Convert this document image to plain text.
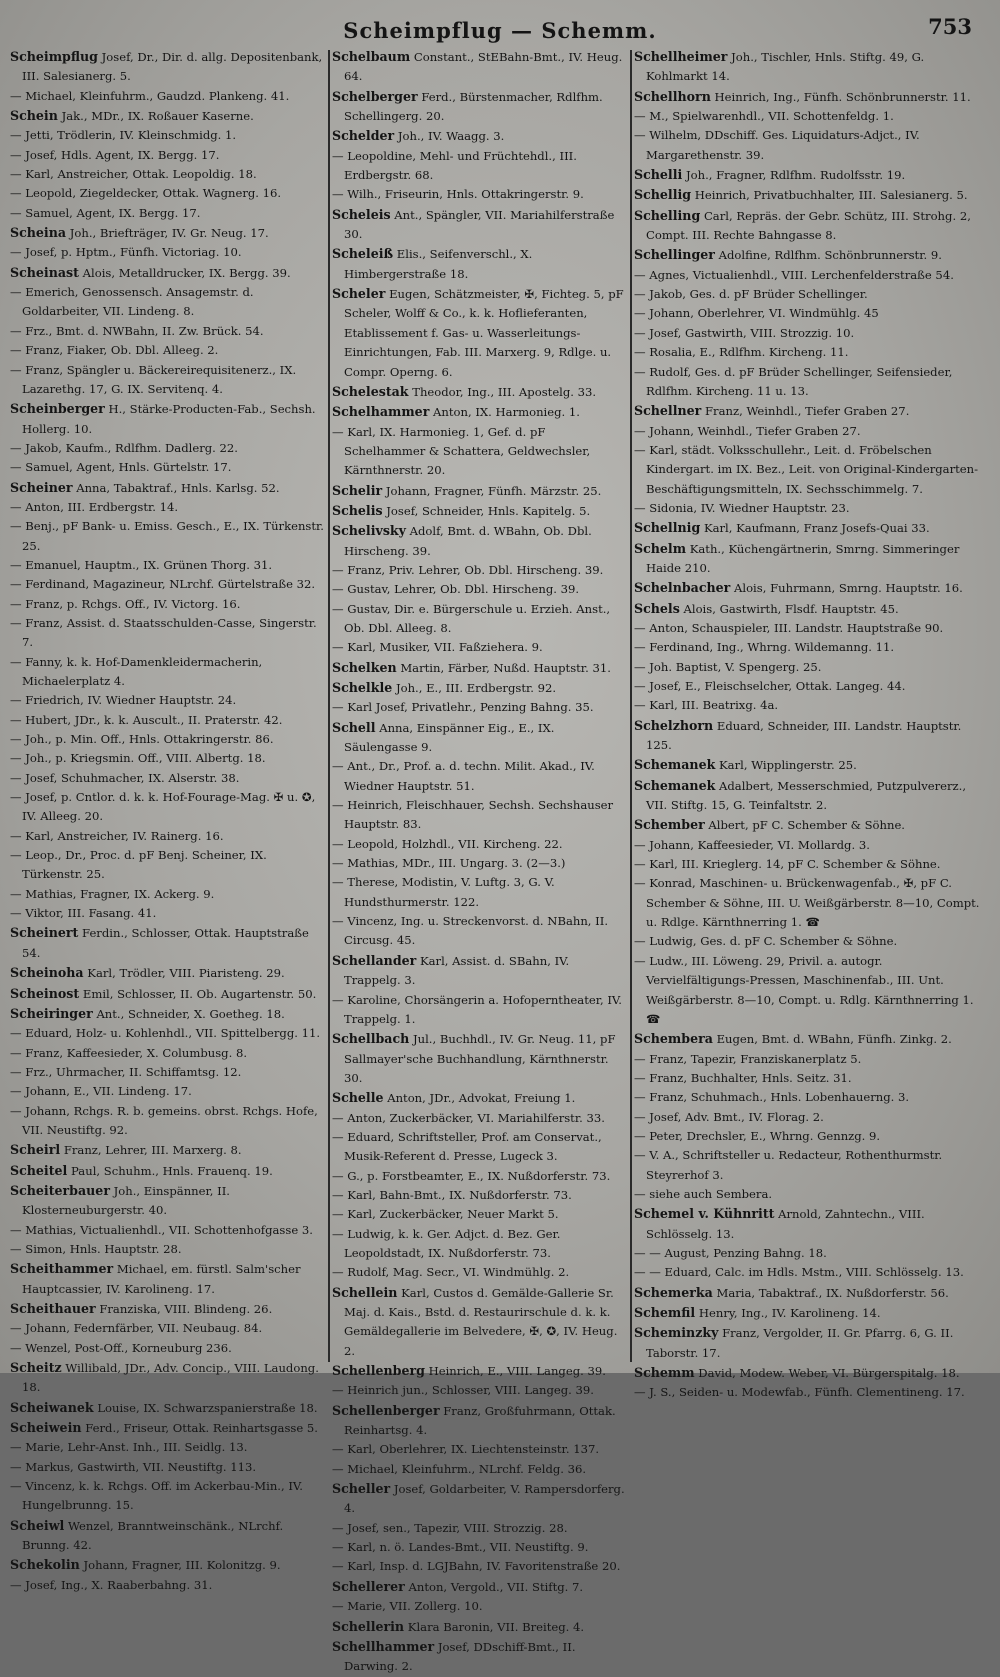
Scheimpflug — Schemm.	753

Scheimpflug Josef, Dr., Dir. d. allg. Depositenbank, III. Salesianerg. 5.

— Michael, Kleinfuhrm., Gaudzd. Plankeng. 41.

Schein Jak., MDr., IX. Roßauer Kaserne.

— Jetti, Trödlerin, IV. Kleinschmidg. 1.

— Josef, Hdls. Agent, IX. Bergg. 17.

— Karl, Anstreicher, Ottak. Leopoldig. 18.

— Leopold, Ziegeldecker, Ottak. Wagnerg. 16.

— Samuel, Agent, IX. Bergg. 17.

Scheina Joh., Briefträger, IV. Gr. Neug. 17.

— Josef, p. Hptm., Fünfh. Victoriag. 10.

Scheinast Alois, Metalldrucker, IX. Bergg. 39.

— Emerich, Genossensch. Ansagemstr. d. Goldarbeiter, VII. Lindeng. 8.

— Frz., Bmt. d. NWBahn, II. Zw. Brück. 54.

— Franz, Fiaker, Ob. Dbl. Alleeg. 2.

— Franz, Spängler u. Bäckereirequisitenerz., IX. Lazarethg. 17, G. IX. Servitenq. 4.

Scheinberger H., Stärke-Producten-Fab., Sechsh. Hollerg. 10.

— Jakob, Kaufm., Rdlfhm. Dadlerg. 22.

— Samuel, Agent, Hnls. Gürtelstr. 17.

Scheiner Anna, Tabaktraf., Hnls. Karlsg. 52.

— Anton, III. Erdbergstr. 14.

— Benj., pF Bank- u. Emiss. Gesch., E., IX. Türkenstr. 25.

— Emanuel, Hauptm., IX. Grünen Thorg. 31.

— Ferdinand, Magazineur, NLrchf. Gürtelstraße 32.

— Franz, p. Rchgs. Off., IV. Victorg. 16.

— Franz, Assist. d. Staatsschulden-Casse, Singerstr. 7.

— Fanny, k. k. Hof-Damenkleidermacherin, Michaelerplatz 4.

— Friedrich, IV. Wiedner Hauptstr. 24.

— Hubert, JDr., k. k. Auscult., II. Praterstr. 42.

— Joh., p. Min. Off., Hnls. Ottakringerstr. 86.

— Joh., p. Kriegsmin. Off., VIII. Albertg. 18.

— Josef, Schuhmacher, IX. Alserstr. 38.

— Josef, p. Cntlor. d. k. k. Hof-Fourage-Mag. ✠ u. ✪, IV. Alleeg. 20.

— Karl, Anstreicher, IV. Rainerg. 16.

— Leop., Dr., Proc. d. pF Benj. Scheiner, IX. Türkenstr. 25.

— Mathias, Fragner, IX. Ackerg. 9.

— Viktor, III. Fasang. 41.

Scheinert Ferdin., Schlosser, Ottak. Hauptstraße 54.

Scheinoha Karl, Trödler, VIII. Piaristeng. 29.

Scheinost Emil, Schlosser, II. Ob. Augartenstr. 50.

Scheiringer Ant., Schneider, X. Goetheg. 18.

— Eduard, Holz- u. Kohlenhdl., VII. Spittelbergg. 11.

— Franz, Kaffeesieder, X. Columbusg. 8.

— Frz., Uhrmacher, II. Schiffamtsg. 12.

— Johann, E., VII. Lindeng. 17.

— Johann, Rchgs. R. b. gemeins. obrst. Rchgs. Hofe, VII. Neustiftg. 92.

Scheirl Franz, Lehrer, III. Marxerg. 8.

Scheitel Paul, Schuhm., Hnls. Frauenq. 19.

Scheiterbauer Joh., Einspänner, II. Klosterneuburgerstr. 40.

— Mathias, Victualienhdl., VII. Schottenhofgasse 3.

— Simon, Hnls. Hauptstr. 28.

Scheithammer Michael, em. fürstl. Salm'scher Hauptcassier, IV. Karolineng. 17.

Scheithauer Franziska, VIII. Blindeng. 26.

— Johann, Federnfärber, VII. Neubaug. 84.

— Wenzel, Post-Off., Korneuburg 236.

Scheitz Willibald, JDr., Adv. Concip., VIII. Laudong. 18.

Scheiwanek Louise, IX. Schwarzspanierstraße 18.

Scheiwein Ferd., Friseur, Ottak. Reinhartsgasse 5.

— Marie, Lehr-Anst. Inh., III. Seidlg. 13.

— Markus, Gastwirth, VII. Neustiftg. 113.

— Vincenz, k. k. Rchgs. Off. im Ackerbau-Min., IV. Hungelbrunng. 15.

Scheiwl Wenzel, Branntweinschänk., NLrchf. Brunng. 42.

Schekolin Johann, Fragner, III. Kolonitzg. 9.

— Josef, Ing., X. Raaberbahng. 31.

Schelbaum Constant., StEBahn-Bmt., IV. Heug. 64.

Schelberger Ferd., Bürstenmacher, Rdlfhm. Schellingerg. 20.

Schelder Joh., IV. Waagg. 3.

— Leopoldine, Mehl- und Früchtehdl., III. Erdbergstr. 68.

— Wilh., Friseurin, Hnls. Ottakringerstr. 9.

Scheleis Ant., Spängler, VII. Mariahilferstraße 30.

Scheleiß Elis., Seifenverschl., X. Himbergerstraße 18.

Scheler Eugen, Schätzmeister, ✠, Fichteg. 5, pF Scheler, Wolff & Co., k. k. Hoflieferanten, Etablissement f. Gas- u. Wasserleitungs-Einrichtungen, Fab. III. Marxerg. 9, Rdlge. u. Compr. Operng. 6.

Schelestak Theodor, Ing., III. Apostelg. 33.

Schelhammer Anton, IX. Harmonieg. 1.

— Karl, IX. Harmonieg. 1, Gef. d. pF Schelhammer & Schattera, Geldwechsler, Kärnthnerstr. 20.

Schelir Johann, Fragner, Fünfh. Märzstr. 25.

Schelis Josef, Schneider, Hnls. Kapitelg. 5.

Schelivsky Adolf, Bmt. d. WBahn, Ob. Dbl. Hirscheng. 39.

— Franz, Priv. Lehrer, Ob. Dbl. Hirscheng. 39.

— Gustav, Lehrer, Ob. Dbl. Hirscheng. 39.

— Gustav, Dir. e. Bürgerschule u. Erzieh. Anst., Ob. Dbl. Alleeg. 8.

— Karl, Musiker, VII. Faßziehera. 9.

Schelken Martin, Färber, Nußd. Hauptstr. 31.

Schelkle Joh., E., III. Erdbergstr. 92.

— Karl Josef, Privatlehr., Penzing Bahng. 35.

Schell Anna, Einspänner Eig., E., IX. Säulengasse 9.

— Ant., Dr., Prof. a. d. techn. Milit. Akad., IV. Wiedner Hauptstr. 51.

— Heinrich, Fleischhauer, Sechsh. Sechshauser Hauptstr. 83.

— Leopold, Holzhdl., VII. Kircheng. 22.

— Mathias, MDr., III. Ungarg. 3. (2—3.)

— Therese, Modistin, V. Luftg. 3, G. V. Hundsthurmerstr. 122.

— Vincenz, Ing. u. Streckenvorst. d. NBahn, II. Circusg. 45.

Schellander Karl, Assist. d. SBahn, IV. Trappelg. 3.

— Karoline, Chorsängerin a. Hofoperntheater, IV. Trappelg. 1.

Schellbach Jul., Buchhdl., IV. Gr. Neug. 11, pF Sallmayer'sche Buchhandlung, Kärnthnerstr. 30.

Schelle Anton, JDr., Advokat, Freiung 1.

— Anton, Zuckerbäcker, VI. Mariahilferstr. 33.

— Eduard, Schriftsteller, Prof. am Conservat., Musik-Referent d. Presse, Lugeck 3.

— G., p. Forstbeamter, E., IX. Nußdorferstr. 73.

— Karl, Bahn-Bmt., IX. Nußdorferstr. 73.

— Karl, Zuckerbäcker, Neuer Markt 5.

— Ludwig, k. k. Ger. Adjct. d. Bez. Ger. Leopoldstadt, IX. Nußdorferstr. 73.

— Rudolf, Mag. Secr., VI. Windmühlg. 2.

Schellein Karl, Custos d. Gemälde-Gallerie Sr. Maj. d. Kais., Bstd. d. Restaurirschule d. k. k. Gemäldegallerie im Belvedere, ✠, ✪, IV. Heug. 2.

Schellenberg Heinrich, E., VIII. Langeg. 39.

— Heinrich jun., Schlosser, VIII. Langeg. 39.

Schellenberger Franz, Großfuhrmann, Ottak. Reinhartsg. 4.

— Karl, Oberlehrer, IX. Liechtensteinstr. 137.

— Michael, Kleinfuhrm., NLrchf. Feldg. 36.

Scheller Josef, Goldarbeiter, V. Rampersdorferg. 4.

— Josef, sen., Tapezir, VIII. Strozzig. 28.

— Karl, n. ö. Landes-Bmt., VII. Neustiftg. 9.

— Karl, Insp. d. LGJBahn, IV. Favoritenstraße 20.

Schellerer Anton, Vergold., VII. Stiftg. 7.

— Marie, VII. Zollerg. 10.

Schellerin Klara Baronin, VII. Breiteg. 4.

Schellhammer Josef, DDschiff-Bmt., II. Darwing. 2.

Schellheimer Joh., Tischler, Hnls. Stiftg. 49, G. Kohlmarkt 14.

Schellhorn Heinrich, Ing., Fünfh. Schönbrunnerstr. 11.

— M., Spielwarenhdl., VII. Schottenfeldg. 1.

— Wilhelm, DDschiff. Ges. Liquidaturs-Adjct., IV. Margarethenstr. 39.

Schelli Joh., Fragner, Rdlfhm. Rudolfsstr. 19.

Schellig Heinrich, Privatbuchhalter, III. Salesianerg. 5.

Schelling Carl, Repräs. der Gebr. Schütz, III. Strohg. 2, Compt. III. Rechte Bahngasse 8.

Schellinger Adolfine, Rdlfhm. Schönbrunnerstr. 9.

— Agnes, Victualienhdl., VIII. Lerchenfelderstraße 54.

— Jakob, Ges. d. pF Brüder Schellinger.

— Johann, Oberlehrer, VI. Windmühlg. 45

— Josef, Gastwirth, VIII. Strozzig. 10.

— Rosalia, E., Rdlfhm. Kircheng. 11.

— Rudolf, Ges. d. pF Brüder Schellinger, Seifensieder, Rdlfhm. Kircheng. 11 u. 13.

Schellner Franz, Weinhdl., Tiefer Graben 27.

— Johann, Weinhdl., Tiefer Graben 27.

— Karl, städt. Volksschullehr., Leit. d. Fröbelschen Kindergart. im IX. Bez., Leit. von Original-Kindergarten-Beschäftigungsmitteln, IX. Sechsschimmelg. 7.

— Sidonia, IV. Wiedner Hauptstr. 23.

Schellnig Karl, Kaufmann, Franz Josefs-Quai 33.

Schelm Kath., Küchengärtnerin, Smrng. Simmeringer Haide 210.

Schelnbacher Alois, Fuhrmann, Smrng. Hauptstr. 16.

Schels Alois, Gastwirth, Flsdf. Hauptstr. 45.

— Anton, Schauspieler, III. Landstr. Hauptstraße 90.

— Ferdinand, Ing., Whrng. Wildemanng. 11.

— Joh. Baptist, V. Spengerg. 25.

— Josef, E., Fleischselcher, Ottak. Langeg. 44.

— Karl, III. Beatrixg. 4a.

Schelzhorn Eduard, Schneider, III. Landstr. Hauptstr. 125.

Schemanek Karl, Wipplingerstr. 25.

Schemanek Adalbert, Messerschmied, Putzpulvererz., VII. Stiftg. 15, G. Teinfaltstr. 2.

Schember Albert, pF C. Schember & Söhne.

— Johann, Kaffeesieder, VI. Mollardg. 3.

— Karl, III. Krieglerg. 14, pF C. Schember & Söhne.

— Konrad, Maschinen- u. Brückenwagenfab., ✠, pF C. Schember & Söhne, III. U. Weißgärberstr. 8—10, Compt. u. Rdlge. Kärnthnerring 1. ☎

— Ludwig, Ges. d. pF C. Schember & Söhne.

— Ludw., III. Löweng. 29, Privil. a. autogr. Vervielfältigungs-Pressen, Maschinenfab., III. Unt. Weißgärberstr. 8—10, Compt. u. Rdlg. Kärnthnerring 1. ☎

Schembera Eugen, Bmt. d. WBahn, Fünfh. Zinkg. 2.

— Franz, Tapezir, Franziskanerplatz 5.

— Franz, Buchhalter, Hnls. Seitz. 31.

— Franz, Schuhmach., Hnls. Lobenhauerng. 3.

— Josef, Adv. Bmt., IV. Florag. 2.

— Peter, Drechsler, E., Whrng. Gennzg. 9.

— V. A., Schriftsteller u. Redacteur, Rothenthurmstr. Steyrerhof 3.

— siehe auch Sembera.

Schemel v. Kühnritt Arnold, Zahntechn., VIII. Schlösselg. 13.

— — August, Penzing Bahng. 18.

— — Eduard, Calc. im Hdls. Mstm., VIII. Schlösselg. 13.

Schemerka Maria, Tabaktraf., IX. Nußdorferstr. 56.

Schemfil Henry, Ing., IV. Karolineng. 14.

Scheminzky Franz, Vergolder, II. Gr. Pfarrg. 6, G. II. Taborstr. 17.

Schemm David, Modew. Weber, VI. Bürgerspitalg. 18.

— J. S., Seiden- u. Modewfab., Fünfh. Clementineng. 17.
